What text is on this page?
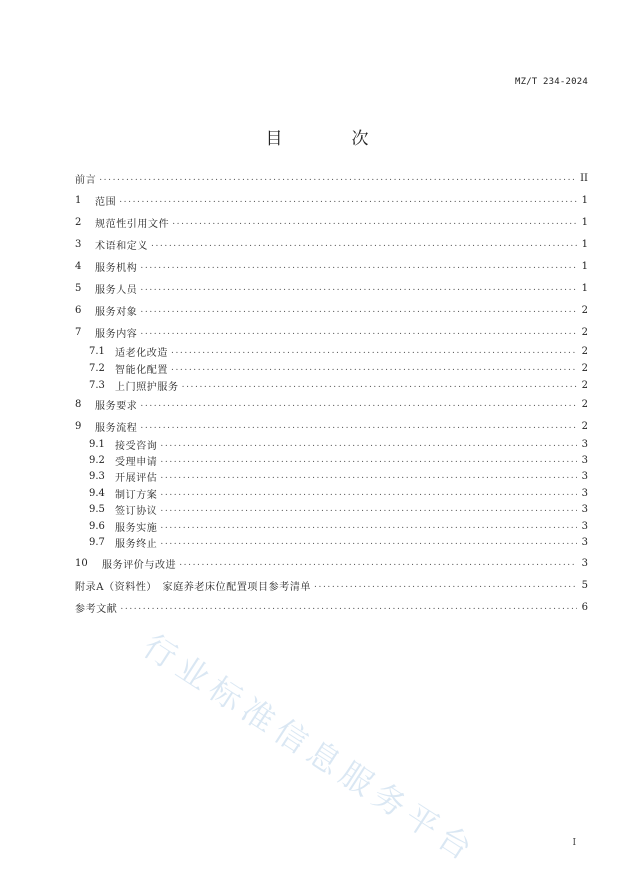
MZ/T 234-2024
目　次
前言 .....	II
1	范围 .....	1
2	规范性引用文件 .....	1
3	术语和定义 .....	1
4	服务机构 .....	1
5	服务人员 .....	1
6	服务对象 .....	2
7	服务内容 .....	2
7.1	适老化改造 .....	2
7.2	智能化配置 .....	2
7.3	上门照护服务 .....	2
8	服务要求 .....	2
9	服务流程 .....	2
9.1	接受咨询 .....	3
9.2	受理申请 .....	3
9.3	开展评估 .....	3
9.4	制订方案 .....	3
9.5	签订协议 .....	3
9.6	服务实施 .....	3
9.7	服务终止 .....	3
10	服务评价与改进 .....	3
附录A（资料性）　家庭养老床位配置项目参考清单 .....	5
参考文献 .....	6
行业标准信息服务平台	I
